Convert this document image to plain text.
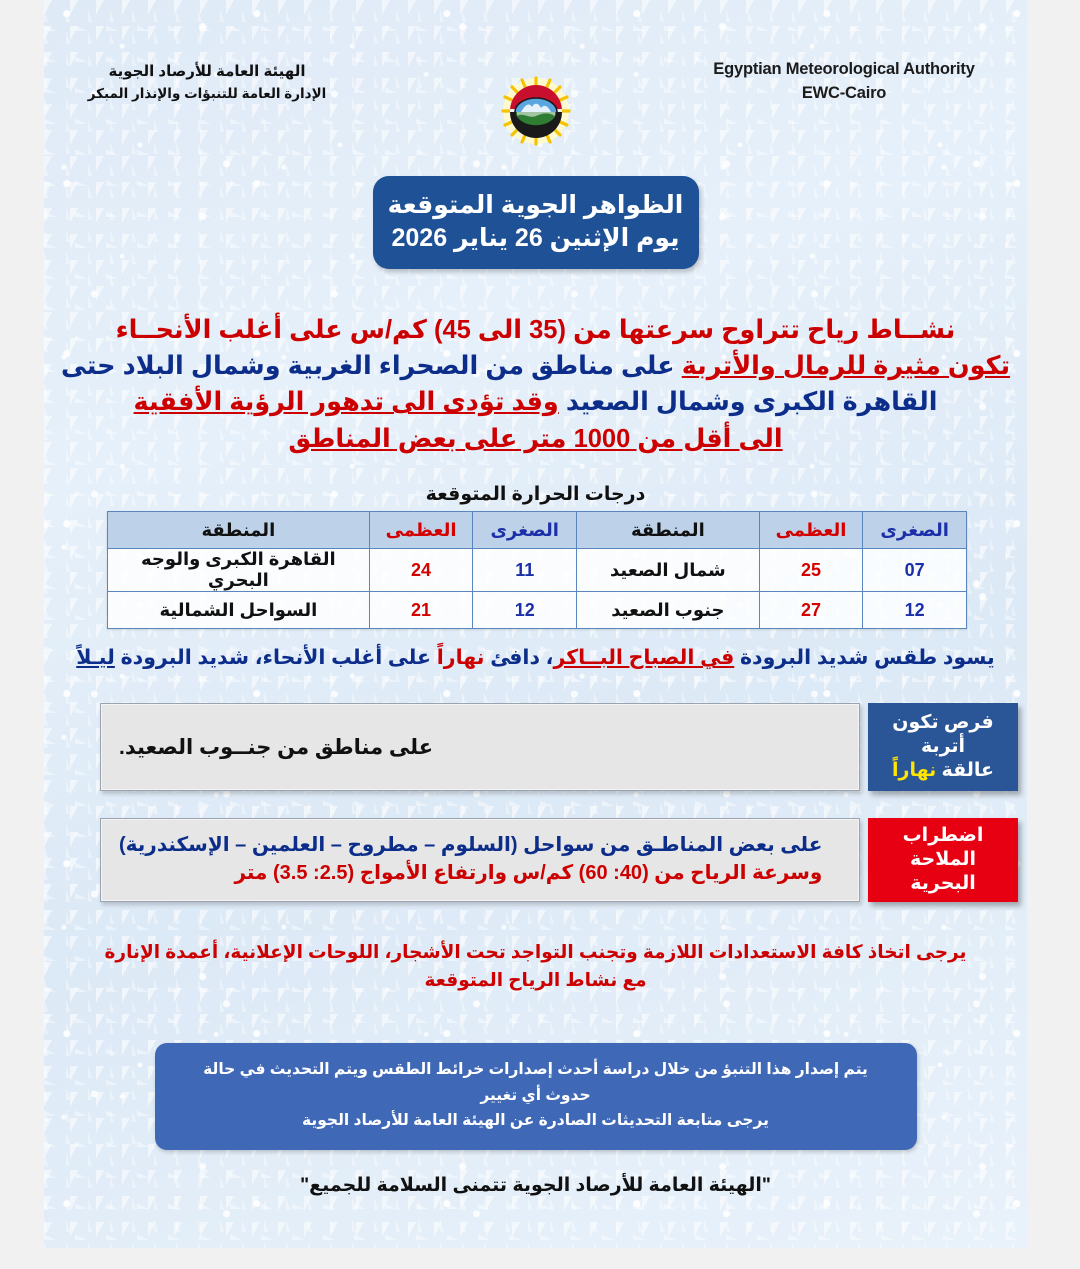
Egyptian Meteorological Authority
EWC-Cairo
الهيئة العامة للأرصاد الجوية
الإدارة العامة للتنبؤات والإنذار المبكر
الظواهر الجوية المتوقعة
يوم الإثنين 26 يناير 2026
نشــاط رياح تتراوح سرعتها من (35 الى 45) كم/س على أغلب الأنحــاء
تكون مثيرة للرمال والأتربة على مناطق من الصحراء الغربية وشمال البلاد حتى
القاهرة الكبرى وشمال الصعيد وقد تؤدى الى تدهور الرؤية الأفقية
الى أقل من 1000 متر على بعض المناطق
درجات الحرارة المتوقعة
الصغرى	العظمى	المنطقة	الصغرى	العظمى	المنطقة
07	25	شمال الصعيد	11	24	القاهرة الكبرى والوجه البحري
12	27	جنوب الصعيد	12	21	السواحل الشمالية
يسود طقس شديد البرودة في الصباح البــاكر، دافئ نهاراً على أغلب الأنحاء، شديد البرودة ليـلاً
على مناطق من جنــوب الصعيد.
فرص تكون أتربة
عالقة نهاراً
على بعض المناطـق من سواحل (السلوم – مطروح – العلمين – الإسكندرية)
وسرعة الرياح من (40: 60) كم/س وارتفاع الأمواج (2.5: 3.5) متر
اضطراب الملاحة
البحرية
يرجى اتخاذ كافة الاستعدادات اللازمة وتجنب التواجد تحت الأشجار، اللوحات الإعلانية، أعمدة الإنارة
مع نشاط الرياح المتوقعة
يتم إصدار هذا التنبؤ من خلال دراسة أحدث إصدارات خرائط الطقس ويتم التحديث في حالة حدوث أي تغيير
يرجى متابعة التحديثات الصادرة عن الهيئة العامة للأرصاد الجوية
"الهيئة العامة للأرصاد الجوية تتمنى السلامة للجميع"
